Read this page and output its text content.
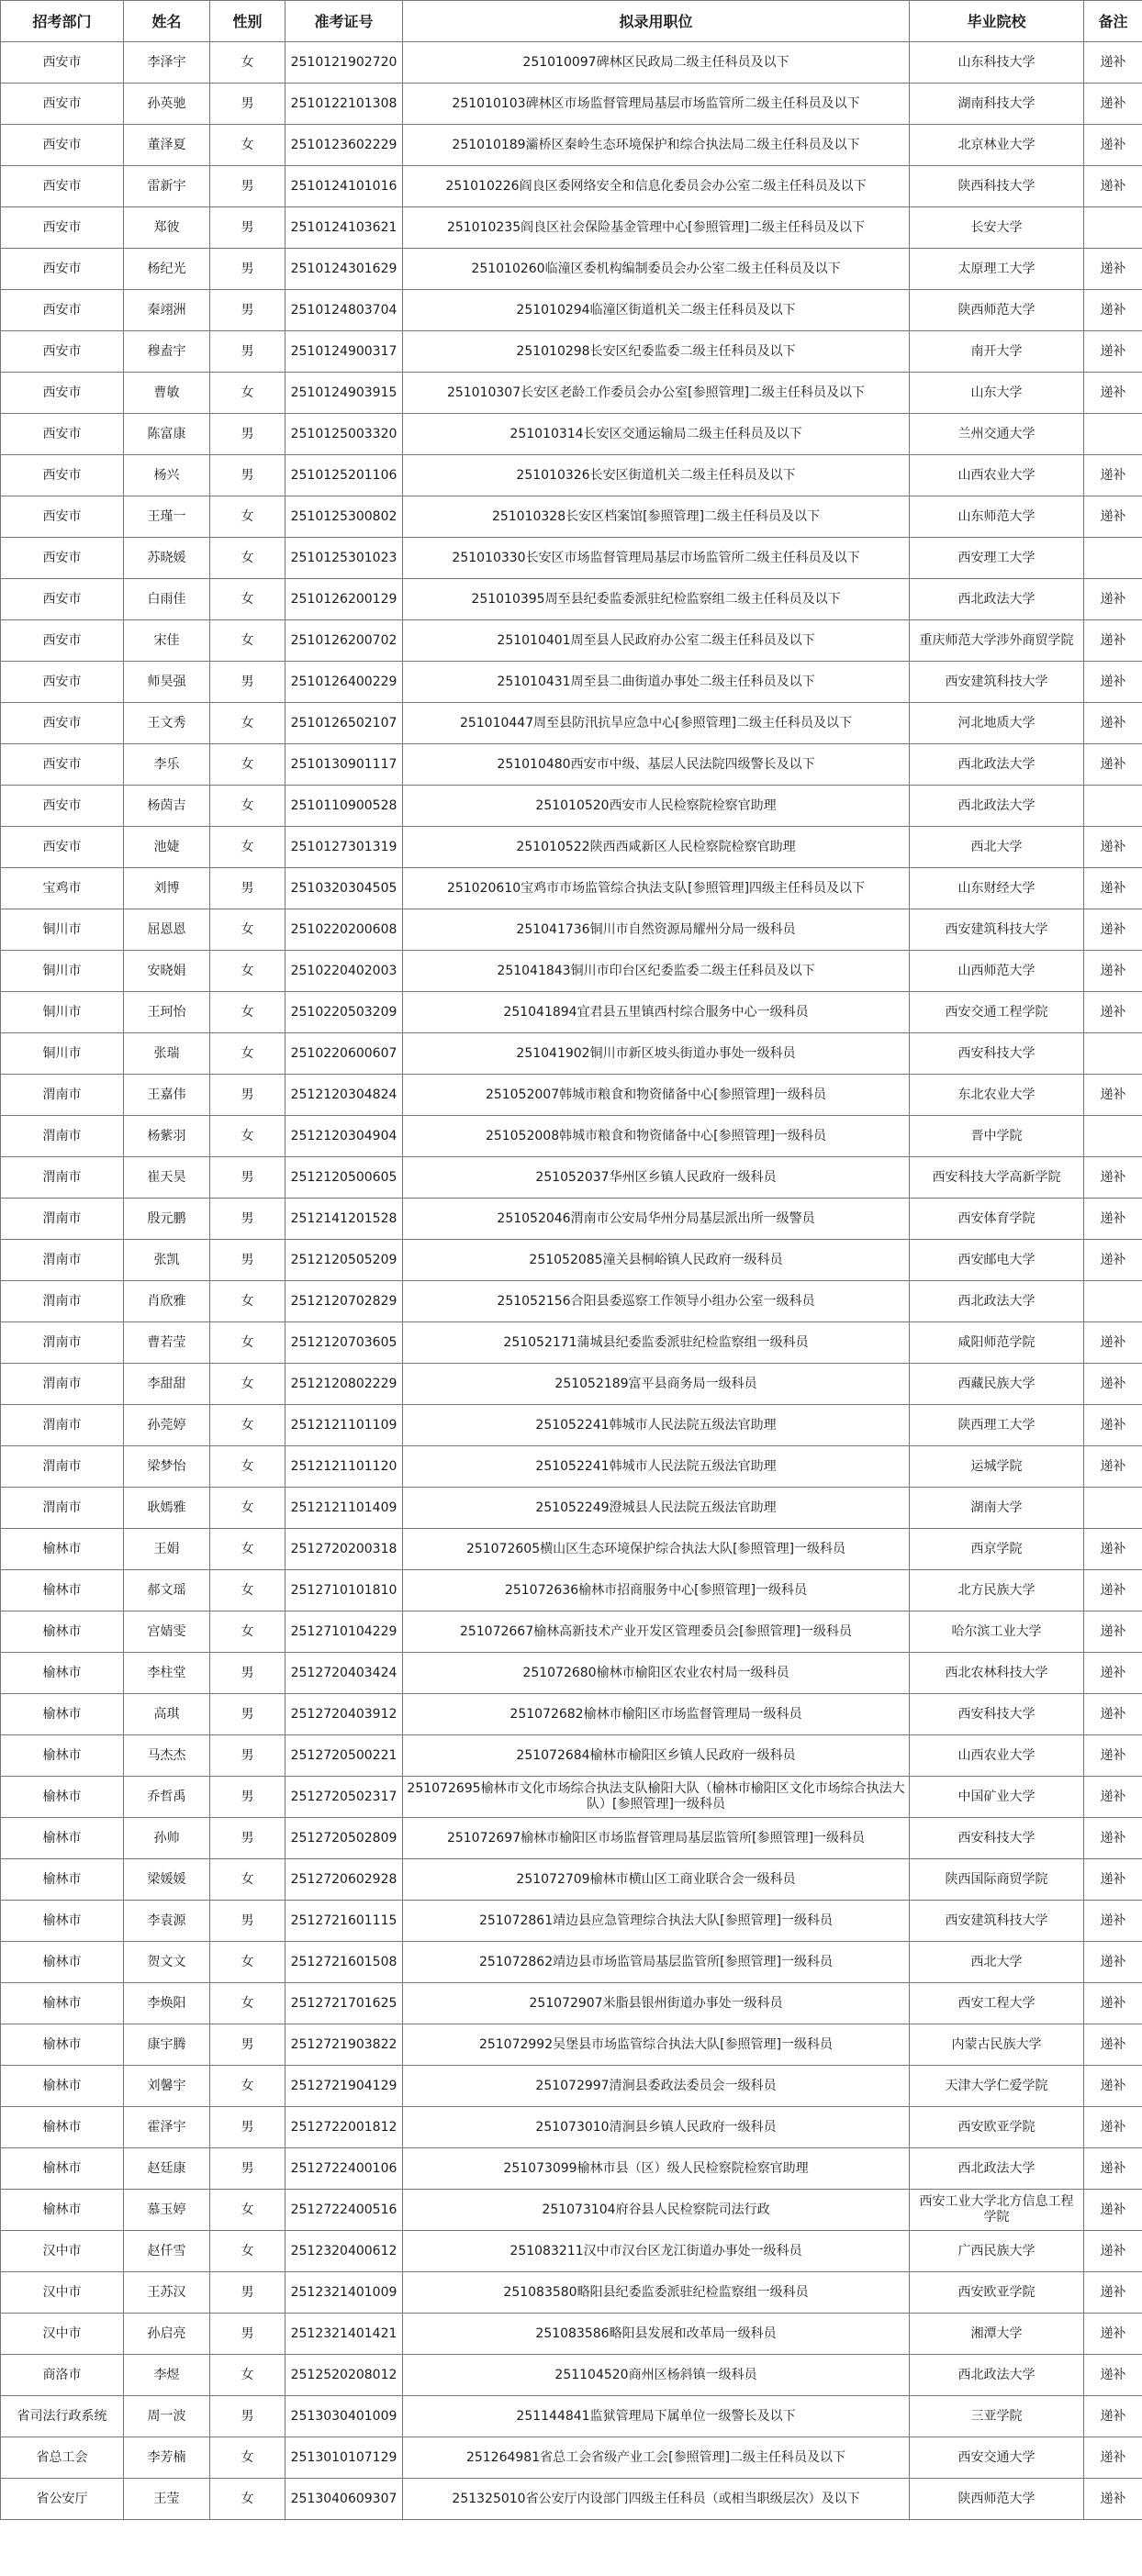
招考部门	姓名	性别	准考证号	拟录用职位	毕业院校	备注
西安市	李泽宇	女	2510121902720	251010097碑林区民政局二级主任科员及以下	山东科技大学	递补
西安市	孙英驰	男	2510122101308	251010103碑林区市场监督管理局基层市场监管所二级主任科员及以下	湖南科技大学	递补
西安市	董泽夏	女	2510123602229	251010189灞桥区秦岭生态环境保护和综合执法局二级主任科员及以下	北京林业大学	递补
西安市	雷新宇	男	2510124101016	251010226阎良区委网络安全和信息化委员会办公室二级主任科员及以下	陕西科技大学	递补
西安市	郑彼	男	2510124103621	251010235阎良区社会保险基金管理中心[参照管理]二级主任科员及以下	长安大学	
西安市	杨纪光	男	2510124301629	251010260临潼区委机构编制委员会办公室二级主任科员及以下	太原理工大学	递补
西安市	秦翊洲	男	2510124803704	251010294临潼区街道机关二级主任科员及以下	陕西师范大学	递补
西安市	穆盍宇	男	2510124900317	251010298长安区纪委监委二级主任科员及以下	南开大学	递补
西安市	曹敏	女	2510124903915	251010307长安区老龄工作委员会办公室[参照管理]二级主任科员及以下	山东大学	递补
西安市	陈富康	男	2510125003320	251010314长安区交通运输局二级主任科员及以下	兰州交通大学	
西安市	杨兴	男	2510125201106	251010326长安区街道机关二级主任科员及以下	山西农业大学	递补
西安市	王瑾一	女	2510125300802	251010328长安区档案馆[参照管理]二级主任科员及以下	山东师范大学	递补
西安市	苏晓媛	女	2510125301023	251010330长安区市场监督管理局基层市场监管所二级主任科员及以下	西安理工大学	
西安市	白雨佳	女	2510126200129	251010395周至县纪委监委派驻纪检监察组二级主任科员及以下	西北政法大学	递补
西安市	宋佳	女	2510126200702	251010401周至县人民政府办公室二级主任科员及以下	重庆师范大学涉外商贸学院	递补
西安市	师昊强	男	2510126400229	251010431周至县二曲街道办事处二级主任科员及以下	西安建筑科技大学	递补
西安市	王文秀	女	2510126502107	251010447周至县防汛抗旱应急中心[参照管理]二级主任科员及以下	河北地质大学	递补
西安市	李乐	女	2510130901117	251010480西安市中级、基层人民法院四级警长及以下	西北政法大学	递补
西安市	杨茵吉	女	2510110900528	251010520西安市人民检察院检察官助理	西北政法大学	
西安市	池婕	女	2510127301319	251010522陕西西咸新区人民检察院检察官助理	西北大学	递补
宝鸡市	刘博	男	2510320304505	251020610宝鸡市市场监管综合执法支队[参照管理]四级主任科员及以下	山东财经大学	递补
铜川市	屈恩恩	女	2510220200608	251041736铜川市自然资源局耀州分局一级科员	西安建筑科技大学	递补
铜川市	安晓娟	女	2510220402003	251041843铜川市印台区纪委监委二级主任科员及以下	山西师范大学	递补
铜川市	王珂怡	女	2510220503209	251041894宜君县五里镇西村综合服务中心一级科员	西安交通工程学院	递补
铜川市	张瑞	女	2510220600607	251041902铜川市新区坡头街道办事处一级科员	西安科技大学	
渭南市	王嘉伟	男	2512120304824	251052007韩城市粮食和物资储备中心[参照管理]一级科员	东北农业大学	递补
渭南市	杨紫羽	女	2512120304904	251052008韩城市粮食和物资储备中心[参照管理]一级科员	晋中学院	
渭南市	崔天昊	男	2512120500605	251052037华州区乡镇人民政府一级科员	西安科技大学高新学院	递补
渭南市	殷元鹏	男	2512141201528	251052046渭南市公安局华州分局基层派出所一级警员	西安体育学院	递补
渭南市	张凯	男	2512120505209	251052085潼关县桐峪镇人民政府一级科员	西安邮电大学	递补
渭南市	肖欣雅	女	2512120702829	251052156合阳县委巡察工作领导小组办公室一级科员	西北政法大学	
渭南市	曹若莹	女	2512120703605	251052171蒲城县纪委监委派驻纪检监察组一级科员	咸阳师范学院	递补
渭南市	李甜甜	女	2512120802229	251052189富平县商务局一级科员	西藏民族大学	递补
渭南市	孙莞婷	女	2512121101109	251052241韩城市人民法院五级法官助理	陕西理工大学	递补
渭南市	梁梦怡	女	2512121101120	251052241韩城市人民法院五级法官助理	运城学院	递补
渭南市	耿嫣雅	女	2512121101409	251052249澄城县人民法院五级法官助理	湖南大学	
榆林市	王娟	女	2512720200318	251072605横山区生态环境保护综合执法大队[参照管理]一级科员	西京学院	递补
榆林市	郝文瑶	女	2512710101810	251072636榆林市招商服务中心[参照管理]一级科员	北方民族大学	递补
榆林市	宫婧雯	女	2512710104229	251072667榆林高新技术产业开发区管理委员会[参照管理]一级科员	哈尔滨工业大学	递补
榆林市	李柱堂	男	2512720403424	251072680榆林市榆阳区农业农村局一级科员	西北农林科技大学	递补
榆林市	高琪	男	2512720403912	251072682榆林市榆阳区市场监督管理局一级科员	西安科技大学	递补
榆林市	马杰杰	男	2512720500221	251072684榆林市榆阳区乡镇人民政府一级科员	山西农业大学	递补
榆林市	乔哲禹	男	2512720502317	251072695榆林市文化市场综合执法支队榆阳大队（榆林市榆阳区文化市场综合执法大队）[参照管理]一级科员	中国矿业大学	递补
榆林市	孙帅	男	2512720502809	251072697榆林市榆阳区市场监督管理局基层监管所[参照管理]一级科员	西安科技大学	递补
榆林市	梁媛媛	女	2512720602928	251072709榆林市横山区工商业联合会一级科员	陕西国际商贸学院	递补
榆林市	李袁源	男	2512721601115	251072861靖边县应急管理综合执法大队[参照管理]一级科员	西安建筑科技大学	递补
榆林市	贺文文	女	2512721601508	251072862靖边县市场监管局基层监管所[参照管理]一级科员	西北大学	递补
榆林市	李焕阳	女	2512721701625	251072907米脂县银州街道办事处一级科员	西安工程大学	递补
榆林市	康宇腾	男	2512721903822	251072992吴堡县市场监管综合执法大队[参照管理]一级科员	内蒙古民族大学	递补
榆林市	刘馨宇	女	2512721904129	251072997清涧县委政法委员会一级科员	天津大学仁爱学院	递补
榆林市	霍泽宇	男	2512722001812	251073010清涧县乡镇人民政府一级科员	西安欧亚学院	递补
榆林市	赵廷康	男	2512722400106	251073099榆林市县（区）级人民检察院检察官助理	西北政法大学	递补
榆林市	慕玉婷	女	2512722400516	251073104府谷县人民检察院司法行政	西安工业大学北方信息工程学院	递补
汉中市	赵仟雪	女	2512320400612	251083211汉中市汉台区龙江街道办事处一级科员	广西民族大学	递补
汉中市	王苏汉	男	2512321401009	251083580略阳县纪委监委派驻纪检监察组一级科员	西安欧亚学院	递补
汉中市	孙启亮	男	2512321401421	251083586略阳县发展和改革局一级科员	湘潭大学	递补
商洛市	李煜	女	2512520208012	251104520商州区杨斜镇一级科员	西北政法大学	递补
省司法行政系统	周一波	男	2513030401009	251144841监狱管理局下属单位一级警长及以下	三亚学院	递补
省总工会	李芳楠	女	2513010107129	251264981省总工会省级产业工会[参照管理]二级主任科员及以下	西安交通大学	递补
省公安厅	王莹	女	2513040609307	251325010省公安厅内设部门四级主任科员（或相当职级层次）及以下	陕西师范大学	递补
